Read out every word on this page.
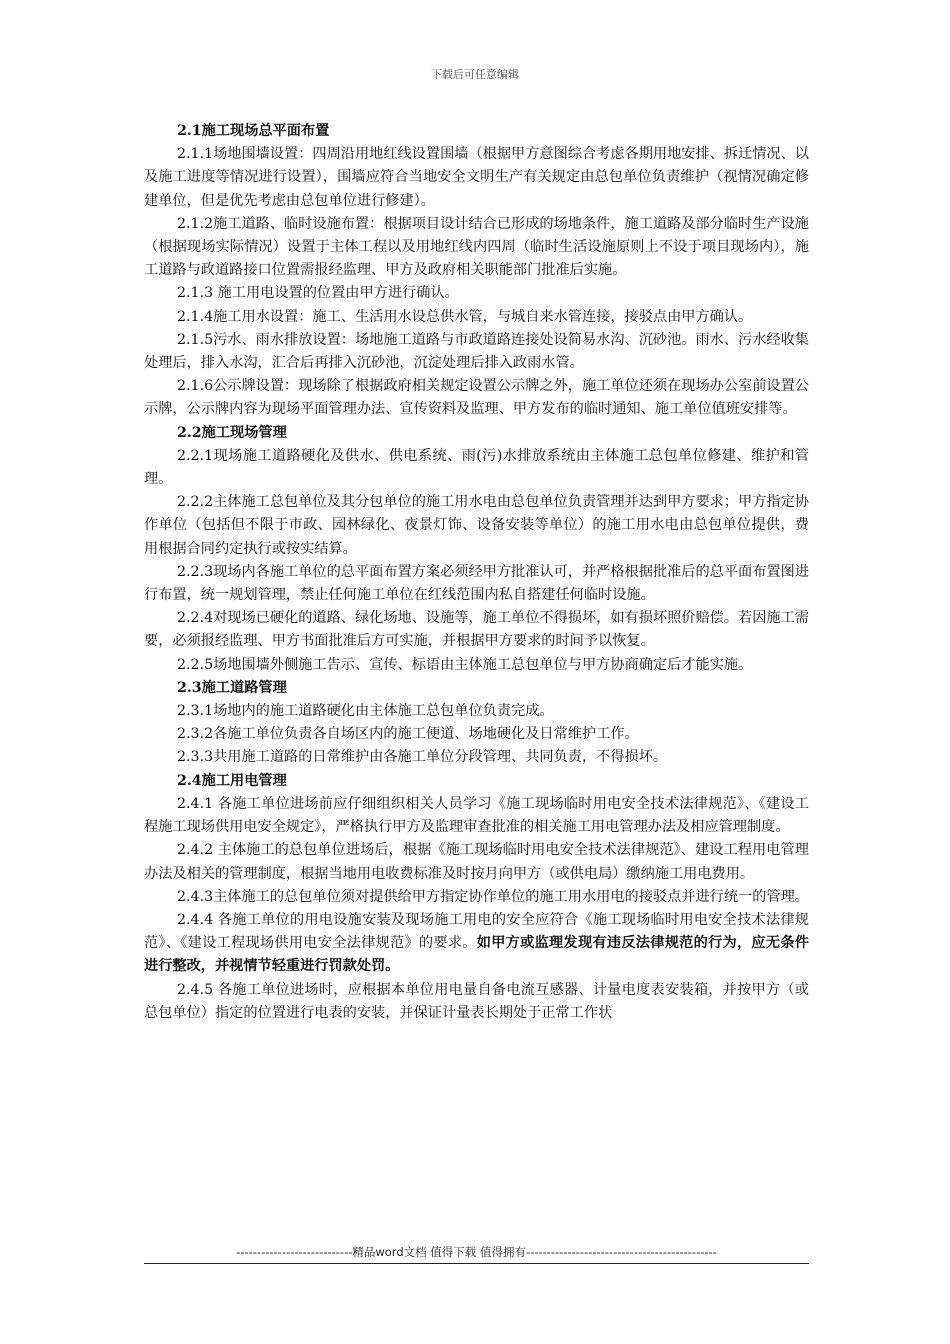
下载后可任意编辑

2.1施工现场总平面布置

2.1.1场地围墙设置：四周沿用地红线设置围墙（根据甲方意图综合考虑各期用地安排、拆迁情况、以及施工进度等情况进行设置），围墙应符合当地安全文明生产有关规定由总包单位负责维护（视情况确定修建单位，但是优先考虑由总包单位进行修建）。

2.1.2施工道路、临时设施布置：根据项目设计结合已形成的场地条件，施工道路及部分临时生产设施（根据现场实际情况）设置于主体工程以及用地红线内四周（临时生活设施原则上不设于项目现场内），施工道路与政道路接口位置需报经监理、甲方及政府相关职能部门批准后实施。

2.1.3 施工用电设置的位置由甲方进行确认。

2.1.4施工用水设置：施工、生活用水设总供水管，与城自来水管连接，接驳点由甲方确认。

2.1.5污水、雨水排放设置：场地施工道路与市政道路连接处设简易水沟、沉砂池。雨水、污水经收集处理后，排入水沟，汇合后再排入沉砂池，沉淀处理后排入政雨水管。

2.1.6公示牌设置：现场除了根据政府相关规定设置公示牌之外，施工单位还须在现场办公室前设置公示牌，公示牌内容为现场平面管理办法、宣传资料及监理、甲方发布的临时通知、施工单位值班安排等。

2.2施工现场管理

2.2.1现场施工道路硬化及供水、供电系统、雨(污)水排放系统由主体施工总包单位修建、维护和管理。

2.2.2主体施工总包单位及其分包单位的施工用水电由总包单位负责管理并达到甲方要求；甲方指定协作单位（包括但不限于市政、园林绿化、夜景灯饰、设备安装等单位）的施工用水电由总包单位提供，费用根据合同约定执行或按实结算。

2.2.3现场内各施工单位的总平面布置方案必须经甲方批准认可，并严格根据批准后的总平面布置图进行布置，统一规划管理，禁止任何施工单位在红线范围内私自搭建任何临时设施。

2.2.4对现场已硬化的道路、绿化场地、设施等，施工单位不得损坏，如有损坏照价赔偿。若因施工需要，必须报经监理、甲方书面批准后方可实施，并根据甲方要求的时间予以恢复。

2.2.5场地围墙外侧施工告示、宣传、标语由主体施工总包单位与甲方协商确定后才能实施。

2.3施工道路管理

2.3.1场地内的施工道路硬化由主体施工总包单位负责完成。

2.3.2各施工单位负责各自场区内的施工便道、场地硬化及日常维护工作。

2.3.3共用施工道路的日常维护由各施工单位分段管理、共同负责，不得损坏。

2.4施工用电管理

2.4.1 各施工单位进场前应仔细组织相关人员学习《施工现场临时用电安全技术法律规范》、《建设工程施工现场供用电安全规定》，严格执行甲方及监理审查批准的相关施工用电管理办法及相应管理制度。

2.4.2 主体施工的总包单位进场后，根据《施工现场临时用电安全技术法律规范》、建设工程用电管理办法及相关的管理制度，根据当地用电收费标准及时按月向甲方（或供电局）缴纳施工用电费用。

2.4.3主体施工的总包单位须对提供给甲方指定协作单位的施工用水用电的接驳点并进行统一的管理。

2.4.4 各施工单位的用电设施安装及现场施工用电的安全应符合《施工现场临时用电安全技术法律规范》、《建设工程现场供用电安全法律规范》的要求。如甲方或监理发现有违反法律规范的行为，应无条件进行整改，并视情节轻重进行罚款处罚。

2.4.5 各施工单位进场时，应根据本单位用电量自备电流互感器、计量电度表安装箱，并按甲方（或总包单位）指定的位置进行电表的安装，并保证计量表长期处于正常工作状

----------------------------精品word文档 值得下载 值得拥有----------------------------------------------
